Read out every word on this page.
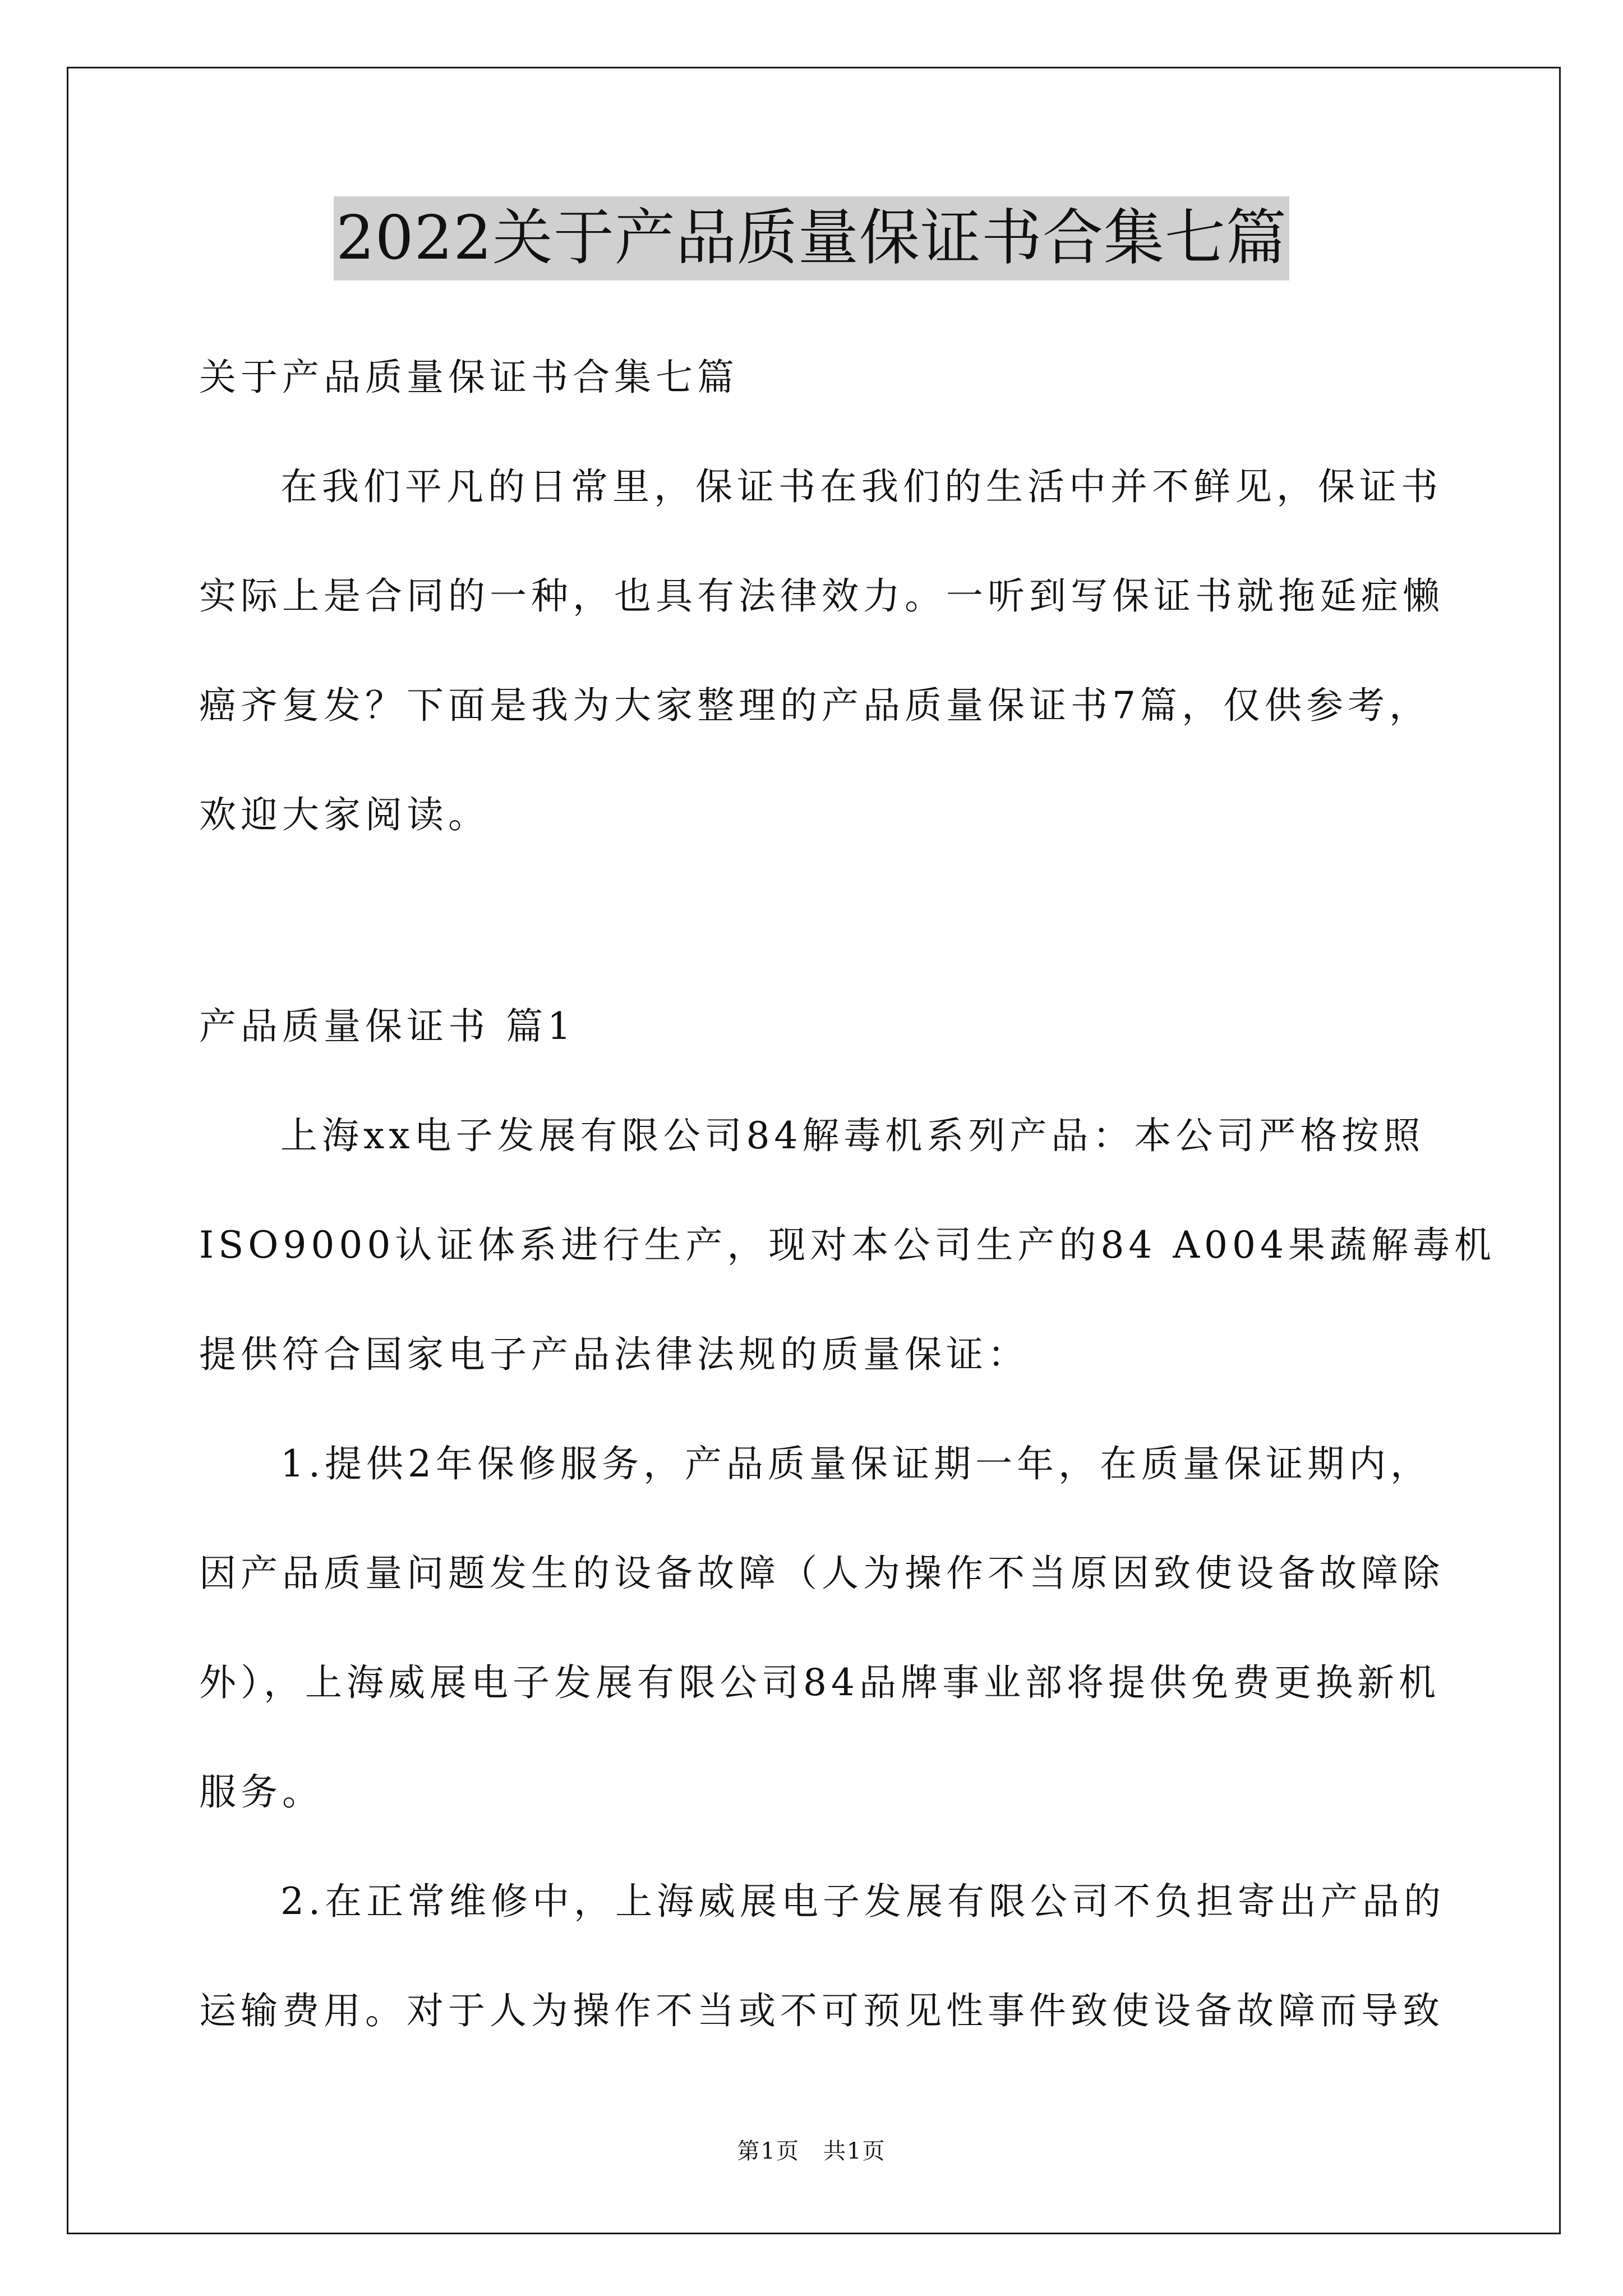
2022关于产品质量保证书合集七篇
关于产品质量保证书合集七篇
在我们平凡的日常里，保证书在我们的生活中并不鲜见，保证书
实际上是合同的一种，也具有法律效力。一听到写保证书就拖延症懒
癌齐复发？下面是我为大家整理的产品质量保证书7篇，仅供参考，
欢迎大家阅读。
产品质量保证书 篇1
上海xx电子发展有限公司84解毒机系列产品：本公司严格按照
ISO9000认证体系进行生产，现对本公司生产的84 A004果蔬解毒机
提供符合国家电子产品法律法规的质量保证：
1.提供2年保修服务，产品质量保证期一年，在质量保证期内，
因产品质量问题发生的设备故障（人为操作不当原因致使设备故障除
外），上海威展电子发展有限公司84品牌事业部将提供免费更换新机
服务。
2.在正常维修中，上海威展电子发展有限公司不负担寄出产品的
运输费用。对于人为操作不当或不可预见性事件致使设备故障而导致
第1页　共1页
